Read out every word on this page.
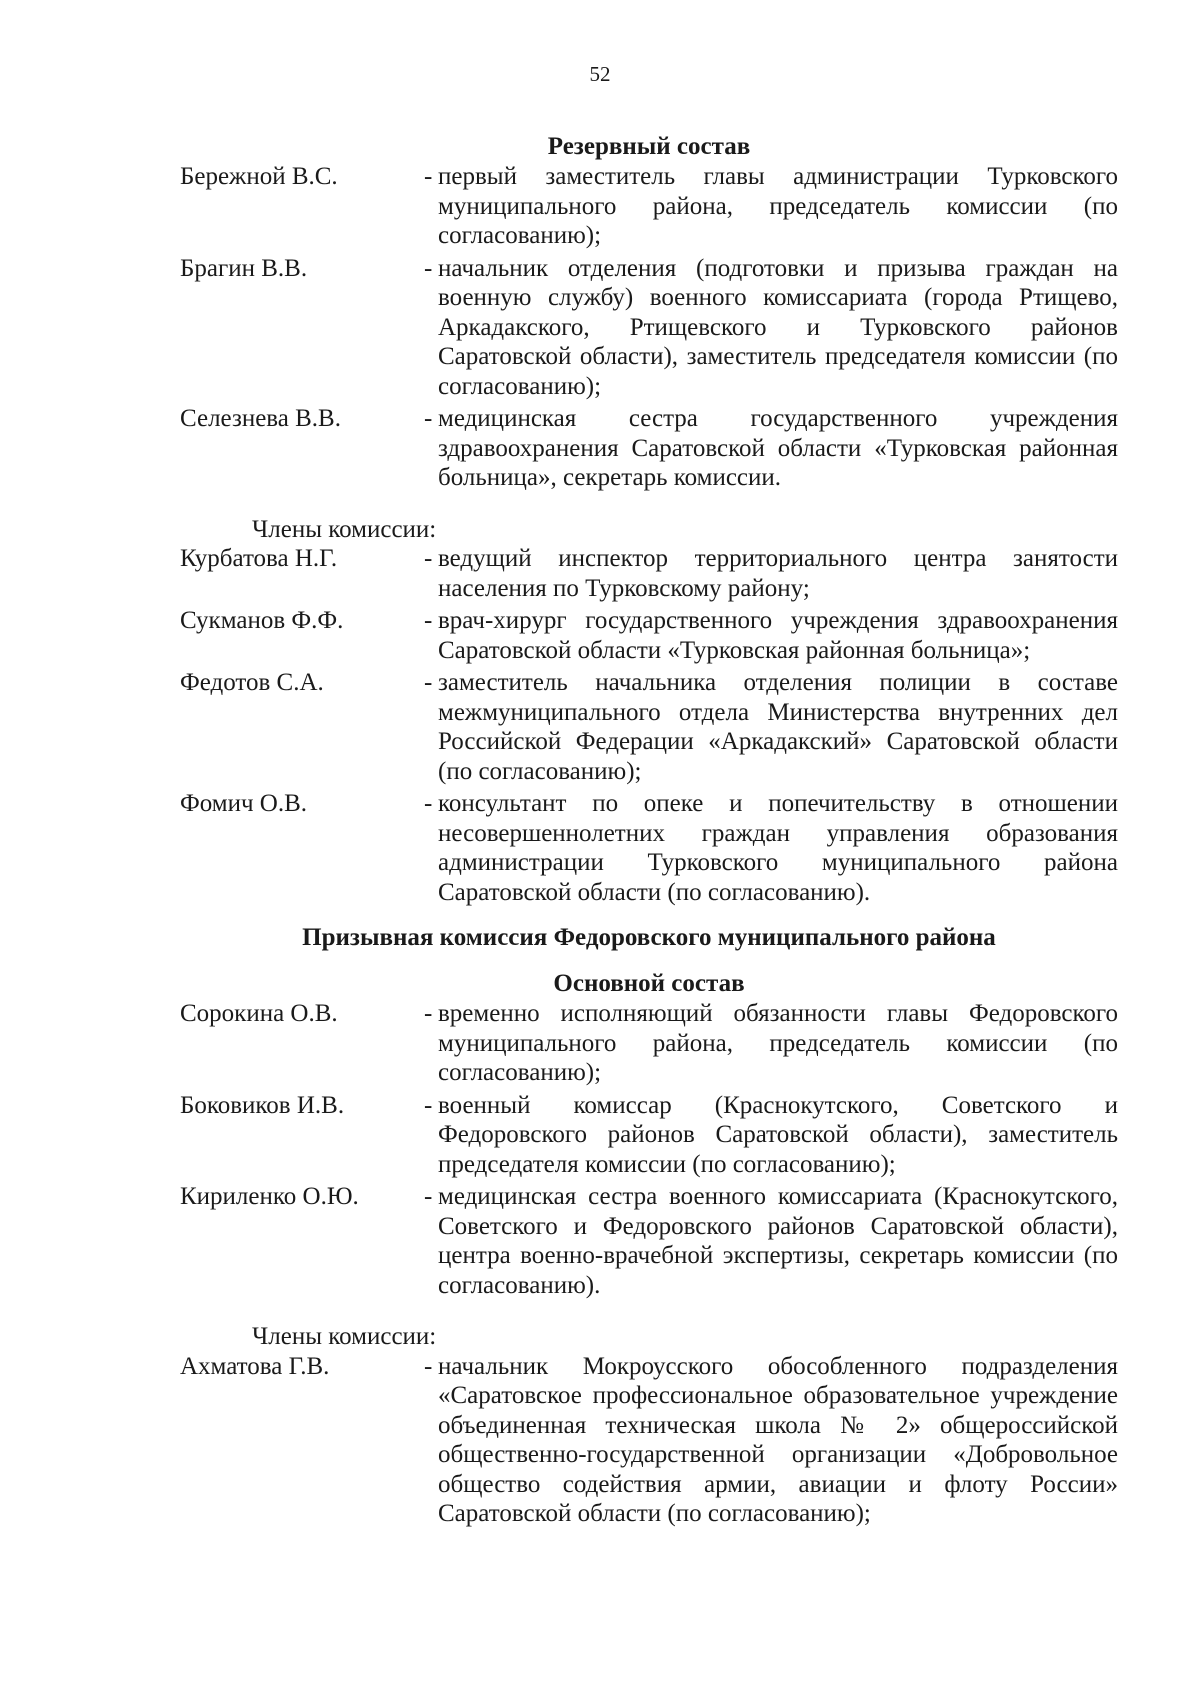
52
Резервный состав
Бережной В.С.	- первый заместитель главы администрации Турковского муниципального района, председатель комиссии (по согласованию);
Брагин В.В.	- начальник отделения (подготовки и призыва граждан на военную службу) военного комиссариата (города Ртищево, Аркадакского, Ртищевского и Турковского районов Саратовской области), заместитель председателя комиссии (по согласованию);
Селезнева В.В.	- медицинская сестра государственного учреждения здравоохранения Саратовской области «Турковская районная больница», секретарь комиссии.
Члены комиссии:
Курбатова Н.Г.	- ведущий инспектор территориального центра занятости населения по Турковскому району;
Сукманов Ф.Ф.	- врач-хирург государственного учреждения здравоохранения Саратовской области «Турковская районная больница»;
Федотов С.А.	- заместитель начальника отделения полиции в составе межмуниципального отдела Министерства внутренних дел Российской Федерации «Аркадакский» Саратовской области (по согласованию);
Фомич О.В.	- консультант по опеке и попечительству в отношении несовершеннолетних граждан управления образования администрации Турковского муниципального района Саратовской области (по согласованию).
Призывная комиссия Федоровского муниципального района
Основной состав
Сорокина О.В.	- временно исполняющий обязанности главы Федоровского муниципального района, председатель комиссии (по согласованию);
Боковиков И.В.	- военный комиссар (Краснокутского, Советского и Федоровского районов Саратовской области), заместитель председателя комиссии (по согласованию);
Кириленко О.Ю.	- медицинская сестра военного комиссариата (Краснокутского, Советского и Федоровского районов Саратовской области), центра военно-врачебной экспертизы, секретарь комиссии (по согласованию).
Члены комиссии:
Ахматова Г.В.	- начальник Мокроусского обособленного подразделения «Саратовское профессиональное образовательное учреждение объединенная техническая школа № 2» общероссийской общественно-государственной организации «Добровольное общество содействия армии, авиации и флоту России» Саратовской области (по согласованию);
